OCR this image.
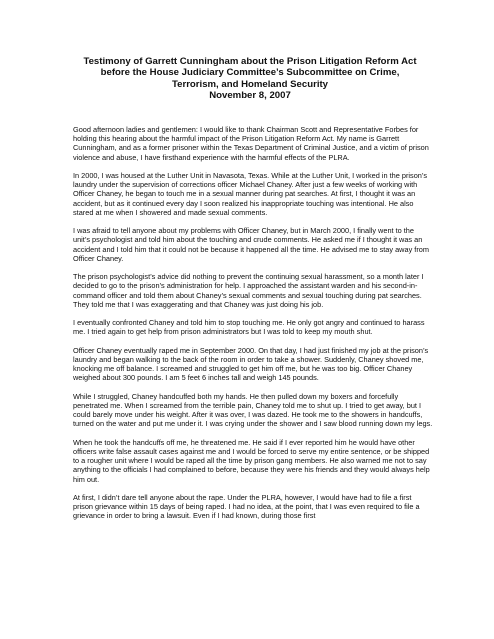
Testimony of Garrett Cunningham about the Prison Litigation Reform Act
before the House Judiciary Committee’s Subcommittee on Crime,
Terrorism, and Homeland Security
November 8, 2007

Good afternoon ladies and gentlemen: I would like to thank Chairman Scott and Representative Forbes for holding this hearing about the harmful impact of the Prison Litigation Reform Act. My name is Garrett Cunningham, and as a former prisoner within the Texas Department of Criminal Justice, and a victim of prison violence and abuse, I have firsthand experience with the harmful effects of the PLRA.

In 2000, I was housed at the Luther Unit in Navasota, Texas. While at the Luther Unit, I worked in the prison’s laundry under the supervision of corrections officer Michael Chaney. After just a few weeks of working with Officer Chaney, he began to touch me in a sexual manner during pat searches. At first, I thought it was an accident, but as it continued every day I soon realized his inappropriate touching was intentional. He also stared at me when I showered and made sexual comments.

I was afraid to tell anyone about my problems with Officer Chaney, but in March 2000, I finally went to the unit’s psychologist and told him about the touching and crude comments. He asked me if I thought it was an accident and I told him that it could not be because it happened all the time. He advised me to stay away from Officer Chaney.

The prison psychologist’s advice did nothing to prevent the continuing sexual harassment, so a month later I decided to go to the prison’s administration for help. I approached the assistant warden and his second-in-command officer and told them about Chaney’s sexual comments and sexual touching during pat searches. They told me that I was exaggerating and that Chaney was just doing his job.

I eventually confronted Chaney and told him to stop touching me. He only got angry and continued to harass me. I tried again to get help from prison administrators but I was told to keep my mouth shut.

Officer Chaney eventually raped me in September 2000. On that day, I had just finished my job at the prison’s laundry and began walking to the back of the room in order to take a shower. Suddenly, Chaney shoved me, knocking me off balance. I screamed and struggled to get him off me, but he was too big. Officer Chaney weighed about 300 pounds. I am 5 feet 6 inches tall and weigh 145 pounds.

While I struggled, Chaney handcuffed both my hands. He then pulled down my boxers and forcefully penetrated me. When I screamed from the terrible pain, Chaney told me to shut up. I tried to get away, but I could barely move under his weight. After it was over, I was dazed. He took me to the showers in handcuffs, turned on the water and put me under it. I was crying under the shower and I saw blood running down my legs.

When he took the handcuffs off me, he threatened me. He said if I ever reported him he would have other officers write false assault cases against me and I would be forced to serve my entire sentence, or be shipped to a rougher unit where I would be raped all the time by prison gang members. He also warned me not to say anything to the officials I had complained to before, because they were his friends and they would always help him out.

At first, I didn’t dare tell anyone about the rape. Under the PLRA, however, I would have had to file a first prison grievance within 15 days of being raped. I had no idea, at the point, that I was even required to file a grievance in order to bring a lawsuit. Even if I had known, during those first
